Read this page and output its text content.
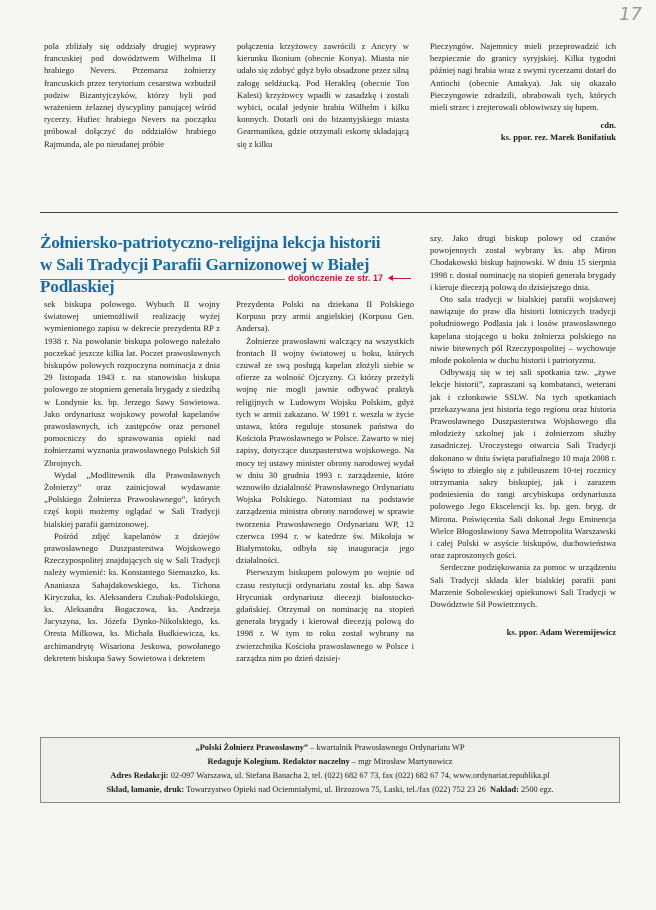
17

pola zbliżały się oddziały drugiej wyprawy francuskiej pod dowództwem Wilhelma II hrabiego Nevers. Przemarsz żołnierzy francuskich przez terytorium cesarstwa wzbudził podziw Bizantyjczyków, którzy byli pod wrażeniem żelaznej dyscypliny panującej wśród rycerzy. Hufiec hrabiego Nevers na początku próbował dołączyć do oddziałów hrabiego Rajmunda, ale po nieudanej próbie

połączenia krzyżowcy zawrócili z Ancyry w kierunku Ikonium (obecnie Konya). Miasta nie udało się zdobyć gdyż było obsadzone przez silną załogę seldżucką. Pod Herakleą (obecnie Ton Kalesi) krzyżowcy wpadli w zasadzkę i zostali wybici, ocalał jedynie hrabia Wilhelm i kilku konnych. Dotarli oni do bizantyjskiego miasta Gearmanikea, gdzie otrzymali eskortę składającą się z kilku

Pieczyngów. Najemnicy mieli przeprowadzić ich bezpiecznie do granicy syryjskiej. Kilka tygodni później nagi hrabia wraz z swymi rycerzami dotarł do Antiochi (obecnie Antakya). Jak się okazało Pieczyngowie zdradzili, obrabowali tych, których mieli strzec i zrejterowali obłowiwszy się łupem.

cdn.

ks. ppor. rez. Marek Bonifatiuk

Żołniersko-patriotyczno-religijna lekcja historii
w Sali Tradycji Parafii Garnizonowej w Białej Podlaskiej	dokończenie ze str. 17

sek biskupa polowego. Wybuch II wojny światowej uniemożliwił realizację wyżej wymienionego zapisu w dekrecie prezydenta RP z 1938 r. Na powołanie biskupa polowego należało poczekać jeszcze kilka lat. Poczet prawosławnych biskupów polowych rozpoczyna nominacja z dnia 29 listopada 1943 r. na stanowisko biskupa polowego ze stopniem generała brygady z siedzibą w Londynie ks. bp. Jerzego Sawy Sowietowa. Jako ordynariusz wojskowy powołał kapelanów prawosławnych, ich zastępców oraz personel pomocniczy do sprawowania opieki nad żołnierzami wyznania prawosławnego Polskich Sił Zbrojnych.

Wydał „Modlitewnik dla Prawosławnych Żołnierzy” oraz zainicjował wydawanie „Polskiego Żołnierza Prawosławnego”, których częś kopii możemy oglądać w Sali Tradycji bialskiej parafii garnizonowej.

Pośród zdjęć kapelanów z dziejów prawosławnego Duszpasterstwa Wojskowego Rzeczypospolitej znajdujących się w Sali Tradycji należy wymienić: ks. Konstantego Siemaszko, ks. Ananiasza Sahajdakowskiego, ks. Tichona Kiryczuka, ks. Aleksandera Czubak-Podolskiego, ks. Aleksandra Bogaczowa, ks. Andrzeja Jacyszyna, ks. Józefa Dynko-Nikolskiego, ks. Oresta Milkowa, ks. Michała Budkiewicza, ks. archimandrytę Wisariona Jeskowa, powołanego dekretem biskupa Sawy Sowietowa i dekretem

Prezydenta Polski na dziekana II Polskiego Korpusu przy armii angielskiej (Korpusu Gen. Andersa).

Żołnierze prawosławni walczący na wszystkich frontach II wojny światowej u boku, których czuwał ze swą posługą kapelan złożyli siebie w ofierze za wolność Ojczyzny. Ci którzy przeżyli wojnę nie mogli jawnie odbywać praktyk religijnych w Ludowym Wojsku Polskim, gdyż tych w armii zakazano. W 1991 r. weszła w życie ustawa, która reguluje stosunek państwa do Kościoła Prawosławnego w Polsce. Zawarto w niej zapisy, dotyczące duszpasterstwa wojskowego. Na mocy tej ustawy minister obrony narodowej wydał w dniu 30 grudnia 1993 r. zarządzenie, które wznowiło działalność Prawosławnego Ordynariatu Wojska Polskiego. Natomiast na podstawie zarządzenia ministra obrony narodowej w sprawie tworzenia Prawosławnego Ordynariatu WP, 12 czerwca 1994 r. w katedrze św. Mikołaja w Białymstoku, odbyła się inauguracja jego działalności.

Pierwszym biskupem polowym po wojnie od czasu restytucji ordynariatu został ks. abp Sawa Hrycuniak ordynariusz diecezji białostocko-gdańskiej. Otrzymał on nominację na stopień generała brygady i kierował diecezją polową do 1998 r. W tym to roku został wybrany na zwierzchnika Kościoła prawosławnego w Polsce i zarządza nim po dzień dzisiej-

szy. Jako drugi biskup polowy od czasów powojennych został wybrany ks. abp Miron Chodakowski biskup hajnowski. W dniu 15 sierpnia 1998 r. dostał nominację na stopień generała brygady i kieruje diecezją polową do dzisiejszego dnia.

Oto sala tradycji w bialskiej parafii wojskowej nawiązuje do praw dla historii lotniczych tradycji południowego Podlasia jak i losów prawosławnego kapelana stojącego u boku żołnierza polskiego na niwie bitewnych pól Rzeczypospolitej – wychowuje młode pokolenia w duchu historii i patriotyzmu.

Odbywają się w tej sali spotkania tzw. „żywe lekcje historii”, zapraszani są kombatanci, weterani jak i członkowie SSLW. Na tych spotkaniach przekazywana jest historia tego regionu oraz historia Prawosławnego Duszpasterstwa Wojskowego dla młodzieży szkolnej jak i żołnierzom służby zasadniczej. Uroczystego otwarcia Sali Tradycji dokonano w dniu święta parafialnego 10 maja 2008 r. Święto to zbiegło się z jubileuszem 10-tej rocznicy otrzymania sakry biskupiej, jak i zarazem podniesienia do rangi arcybiskupa ordynariusza polowego Jego Ekscelencji ks. bp. gen. bryg. dr Mirona. Poświęcenia Sali dokonał Jego Eminencja Wielce Błogosławiony Sawa Metropolita Warszawski i całej Polski w asyście biskupów, duchowieństwa oraz zaproszonych gości.

Serdeczne podziękowania za pomoc w urządzeniu Sali Tradycji składa kler bialskiej parafii pani Marzenie Sobolewskiej opiekunowi Sali Tradycji w Dowództwie Sił Powietrznych.

ks. ppor. Adam Weremijewicz

„Polski Żołnierz Prawosławny” – kwartalnik Prawosławnego Ordynariatu WP
Redaguje Kolegium. Redaktor naczelny – mgr Mirosław Martynowicz
Adres Redakcji: 02-097 Warszawa, ul. Stefana Banacha 2, tel. (022) 682 67 73, fax (022) 682 67 74, www.ordynariat.republika.pl
Skład, łamanie, druk: Towarzystwo Opieki nad Ociemniałymi, ul. Brzozowa 75, Laski, tel./fax (022) 752 23 26 Nakład: 2500 egz.
